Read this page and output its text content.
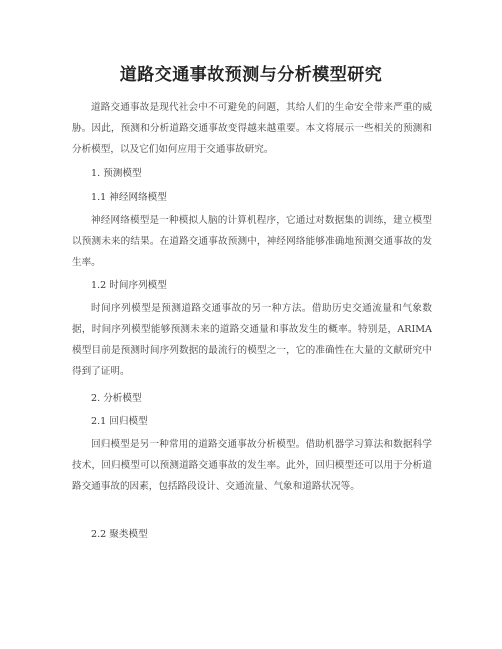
道路交通事故预测与分析模型研究

道路交通事故是现代社会中不可避免的问题，其给人们的生命安全带来严重的威胁。因此，预测和分析道路交通事故变得越来越重要。本文将展示一些相关的预测和分析模型，以及它们如何应用于交通事故研究。

1. 预测模型

1.1 神经网络模型

神经网络模型是一种模拟人脑的计算机程序，它通过对数据集的训练，建立模型以预测未来的结果。在道路交通事故预测中，神经网络能够准确地预测交通事故的发生率。

1.2 时间序列模型

时间序列模型是预测道路交通事故的另一种方法。借助历史交通流量和气象数据，时间序列模型能够预测未来的道路交通量和事故发生的概率。特别是，ARIMA 模型目前是预测时间序列数据的最流行的模型之一，它的准确性在大量的文献研究中得到了证明。

2. 分析模型

2.1 回归模型

回归模型是另一种常用的道路交通事故分析模型。借助机器学习算法和数据科学技术，回归模型可以预测道路交通事故的发生率。此外，回归模型还可以用于分析道路交通事故的因素，包括路段设计、交通流量、气象和道路状况等。

2.2 聚类模型
